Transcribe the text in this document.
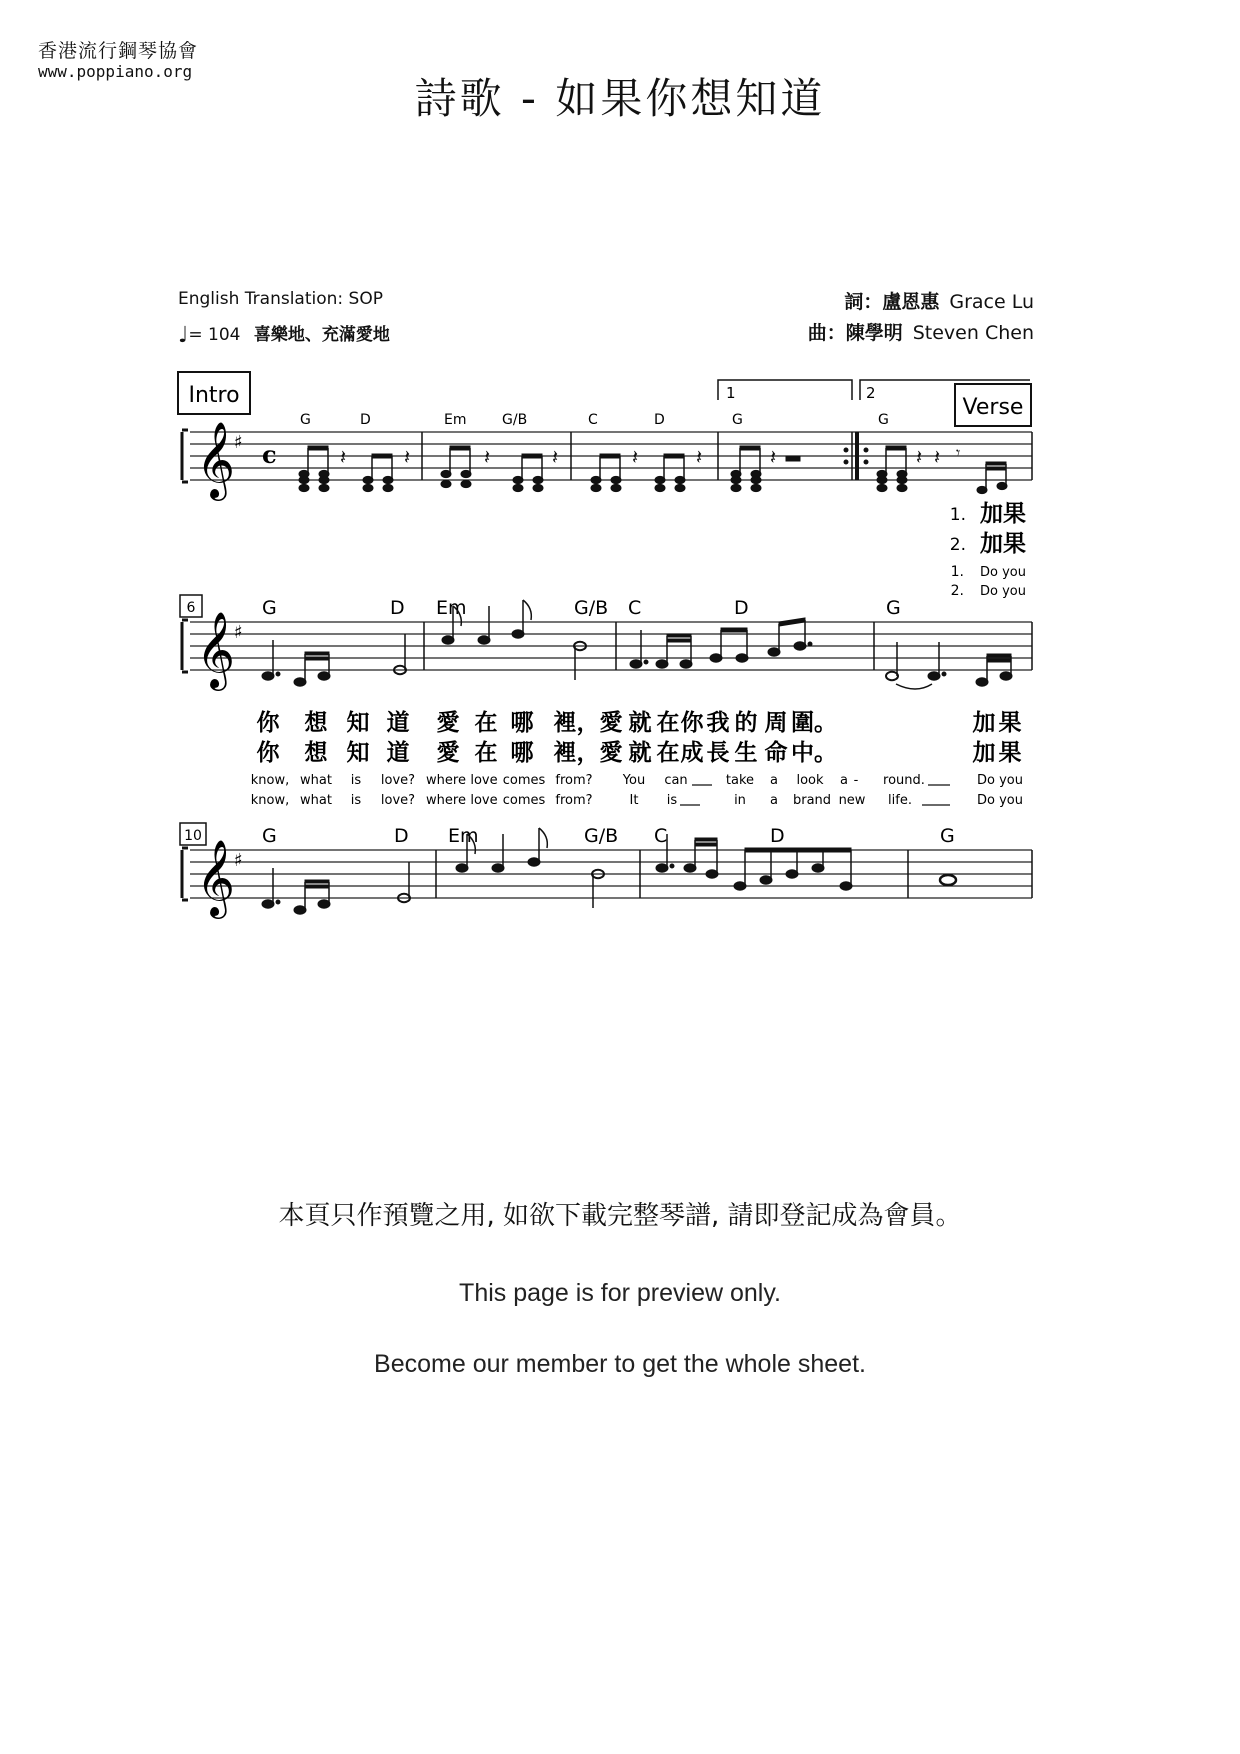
香港流行鋼琴協會
www.poppiano.org
詩歌 - 如果你想知道
English Translation: SOP
♩= 104 喜樂地、充滿愛地
詞：盧恩惠 Grace Lu
曲：陳學明 Steven Chen
Intro	1	2
Verse
𝄞
♯ c	𝄽	𝄽	𝄽	𝄽	𝄽	𝄽	𝄽	𝄽 𝄽 𝄾
G	D	Em	G/B	C	D	G	G
1. 加果
2. 加果
1. Do you
2. Do you
6	G	D Em	G/B C	D	G
𝄞
♯
你 想 知 道 愛 在 哪 裡，愛 就 在 你 我 的 周 圍。	加 果
你 想 知 道 愛 在 哪 裡，愛 就 在 成 長 生 命 中。	加 果
know, what is love? where love comes from? You can	take a look a - round.	Do you
know, what is love? where love comes from?	It is	in a brand new life.	Do you
10	G	D Em	G/B C	D	G
𝄞
♯
本頁只作預覽之用, 如欲下載完整琴譜, 請即登記成為會員。
This page is for preview only.
Become our member to get the whole sheet.
